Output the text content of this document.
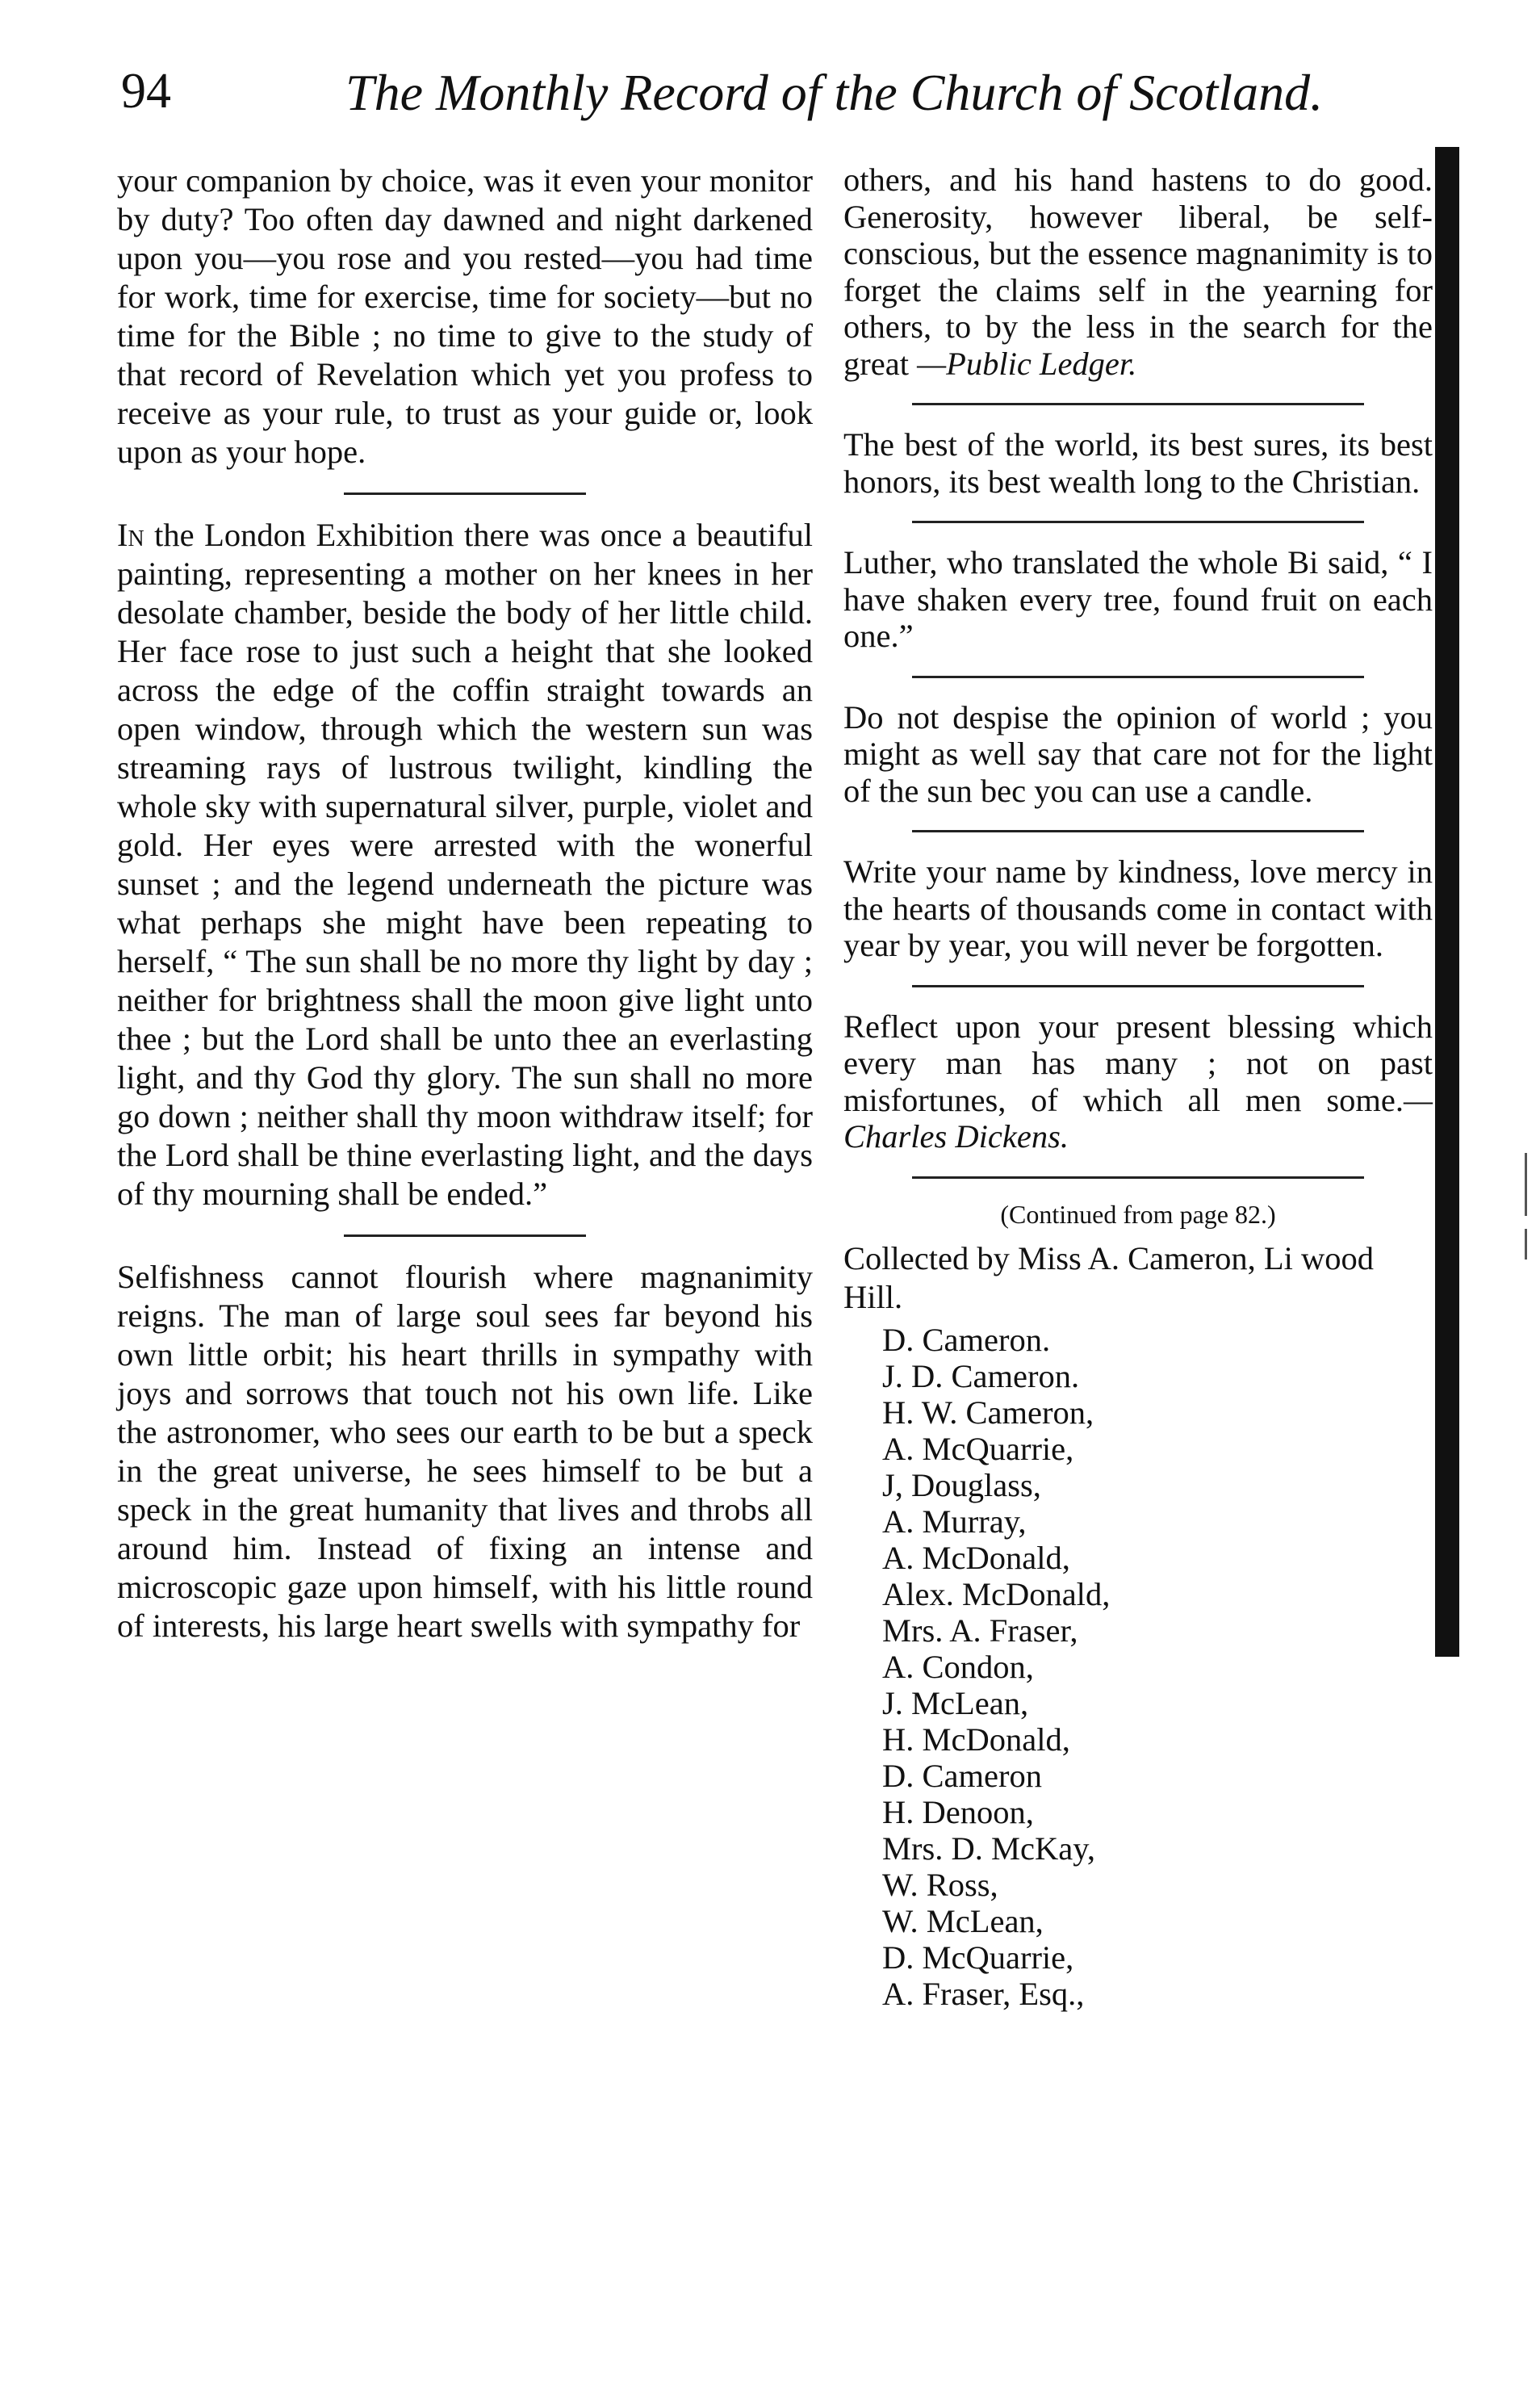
94	The Monthly Record of the Church of Scotland.

your companion by choice, was it even your monitor by duty? Too often day dawned and night darkened upon you—you rose and you rested—you had time for work, time for exercise, time for society—but no time for the Bible ; no time to give to the study of that record of Revelation which yet you profess to receive as your rule, to trust as your guide or, look upon as your hope.

In the London Exhibition there was once a beautiful painting, representing a mother on her knees in her desolate chamber, beside the body of her little child. Her face rose to just such a height that she looked across the edge of the coffin straight towards an open window, through which the western sun was streaming rays of lustrous twilight, kindling the whole sky with supernatural silver, purple, violet and gold. Her eyes were arrested with the wonerful sunset ; and the legend underneath the picture was what perhaps she might have been repeating to herself, “ The sun shall be no more thy light by day ; neither for brightness shall the moon give light unto thee ; but the Lord shall be unto thee an everlasting light, and thy God thy glory. The sun shall no more go down ; neither shall thy moon withdraw itself; for the Lord shall be thine everlasting light, and the days of thy mourning shall be ended.”

Selfishness cannot flourish where magnanimity reigns. The man of large soul sees far beyond his own little orbit; his heart thrills in sympathy with joys and sorrows that touch not his own life. Like the astronomer, who sees our earth to be but a speck in the great universe, he sees himself to be but a speck in the great humanity that lives and throbs all around him. Instead of fixing an intense and microscopic gaze upon himself, with his little round of interests, his large heart swells with sympathy for

others, and his hand hastens to do good. Generosity, however liberal, be self-conscious, but the essence magnanimity is to forget the claims self in the yearning for others, to by the less in the search for the great —Public Ledger.

The best of the world, its best sures, its best honors, its best wealth long to the Christian.

Luther, who translated the whole Bi said, “ I have shaken every tree, found fruit on each one.”

Do not despise the opinion of world ; you might as well say that care not for the light of the sun bec you can use a candle.

Write your name by kindness, love mercy in the hearts of thousands come in contact with year by year, you will never be forgotten.

Reflect upon your present blessing which every man has many ; not on past misfortunes, of which all men some.—Charles Dickens.

(Continued from page 82.)

Collected by Miss A. Cameron, Li wood Hill.

D. Cameron.
J. D. Cameron.
H. W. Cameron,
A. McQuarrie,
J, Douglass,
A. Murray,
A. McDonald,
Alex. McDonald,
Mrs. A. Fraser,
A. Condon,
J. McLean,
H. McDonald,
D. Cameron
H. Denoon,
Mrs. D. McKay,
W. Ross,
W. McLean,
D. McQuarrie,
A. Fraser, Esq.,
